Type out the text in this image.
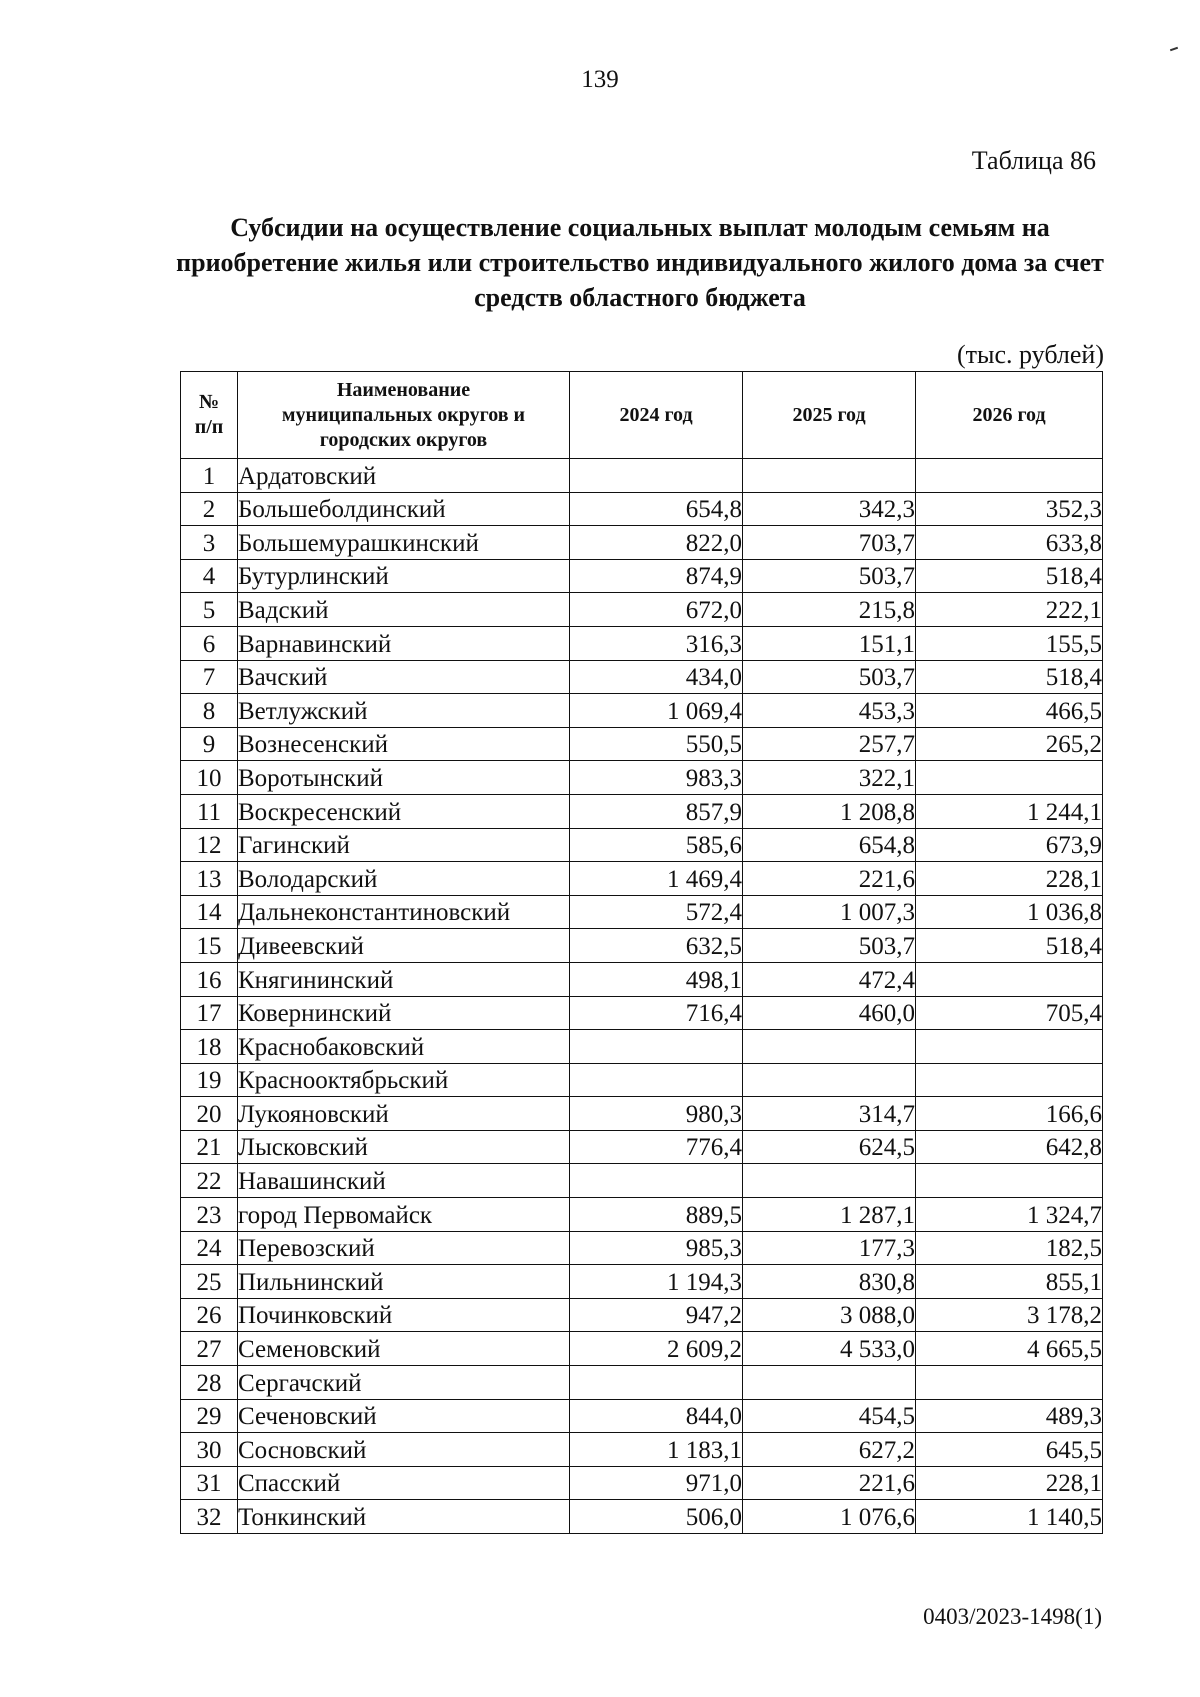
139
Таблица 86
Субсидии на осуществление социальных выплат молодым семьям на приобретение жилья или строительство индивидуального жилого дома за счет средств областного бюджета
(тыс. рублей)
№
п/п	Наименование муниципальных округов и городских округов	2024 год	2025 год	2026 год
1	Ардатовский			
2	Большеболдинский	654,8	342,3	352,3
3	Большемурашкинский	822,0	703,7	633,8
4	Бутурлинский	874,9	503,7	518,4
5	Вадский	672,0	215,8	222,1
6	Варнавинский	316,3	151,1	155,5
7	Вачский	434,0	503,7	518,4
8	Ветлужский	1 069,4	453,3	466,5
9	Вознесенский	550,5	257,7	265,2
10	Воротынский	983,3	322,1	
11	Воскресенский	857,9	1 208,8	1 244,1
12	Гагинский	585,6	654,8	673,9
13	Володарский	1 469,4	221,6	228,1
14	Дальнеконстантиновский	572,4	1 007,3	1 036,8
15	Дивеевский	632,5	503,7	518,4
16	Княгининский	498,1	472,4	
17	Ковернинский	716,4	460,0	705,4
18	Краснобаковский			
19	Краснооктябрьский			
20	Лукояновский	980,3	314,7	166,6
21	Лысковский	776,4	624,5	642,8
22	Навашинский			
23	город Первомайск	889,5	1 287,1	1 324,7
24	Перевозский	985,3	177,3	182,5
25	Пильнинский	1 194,3	830,8	855,1
26	Починковский	947,2	3 088,0	3 178,2
27	Семеновский	2 609,2	4 533,0	4 665,5
28	Сергачский			
29	Сеченовский	844,0	454,5	489,3
30	Сосновский	1 183,1	627,2	645,5
31	Спасский	971,0	221,6	228,1
32	Тонкинский	506,0	1 076,6	1 140,5
0403/2023-1498(1)
